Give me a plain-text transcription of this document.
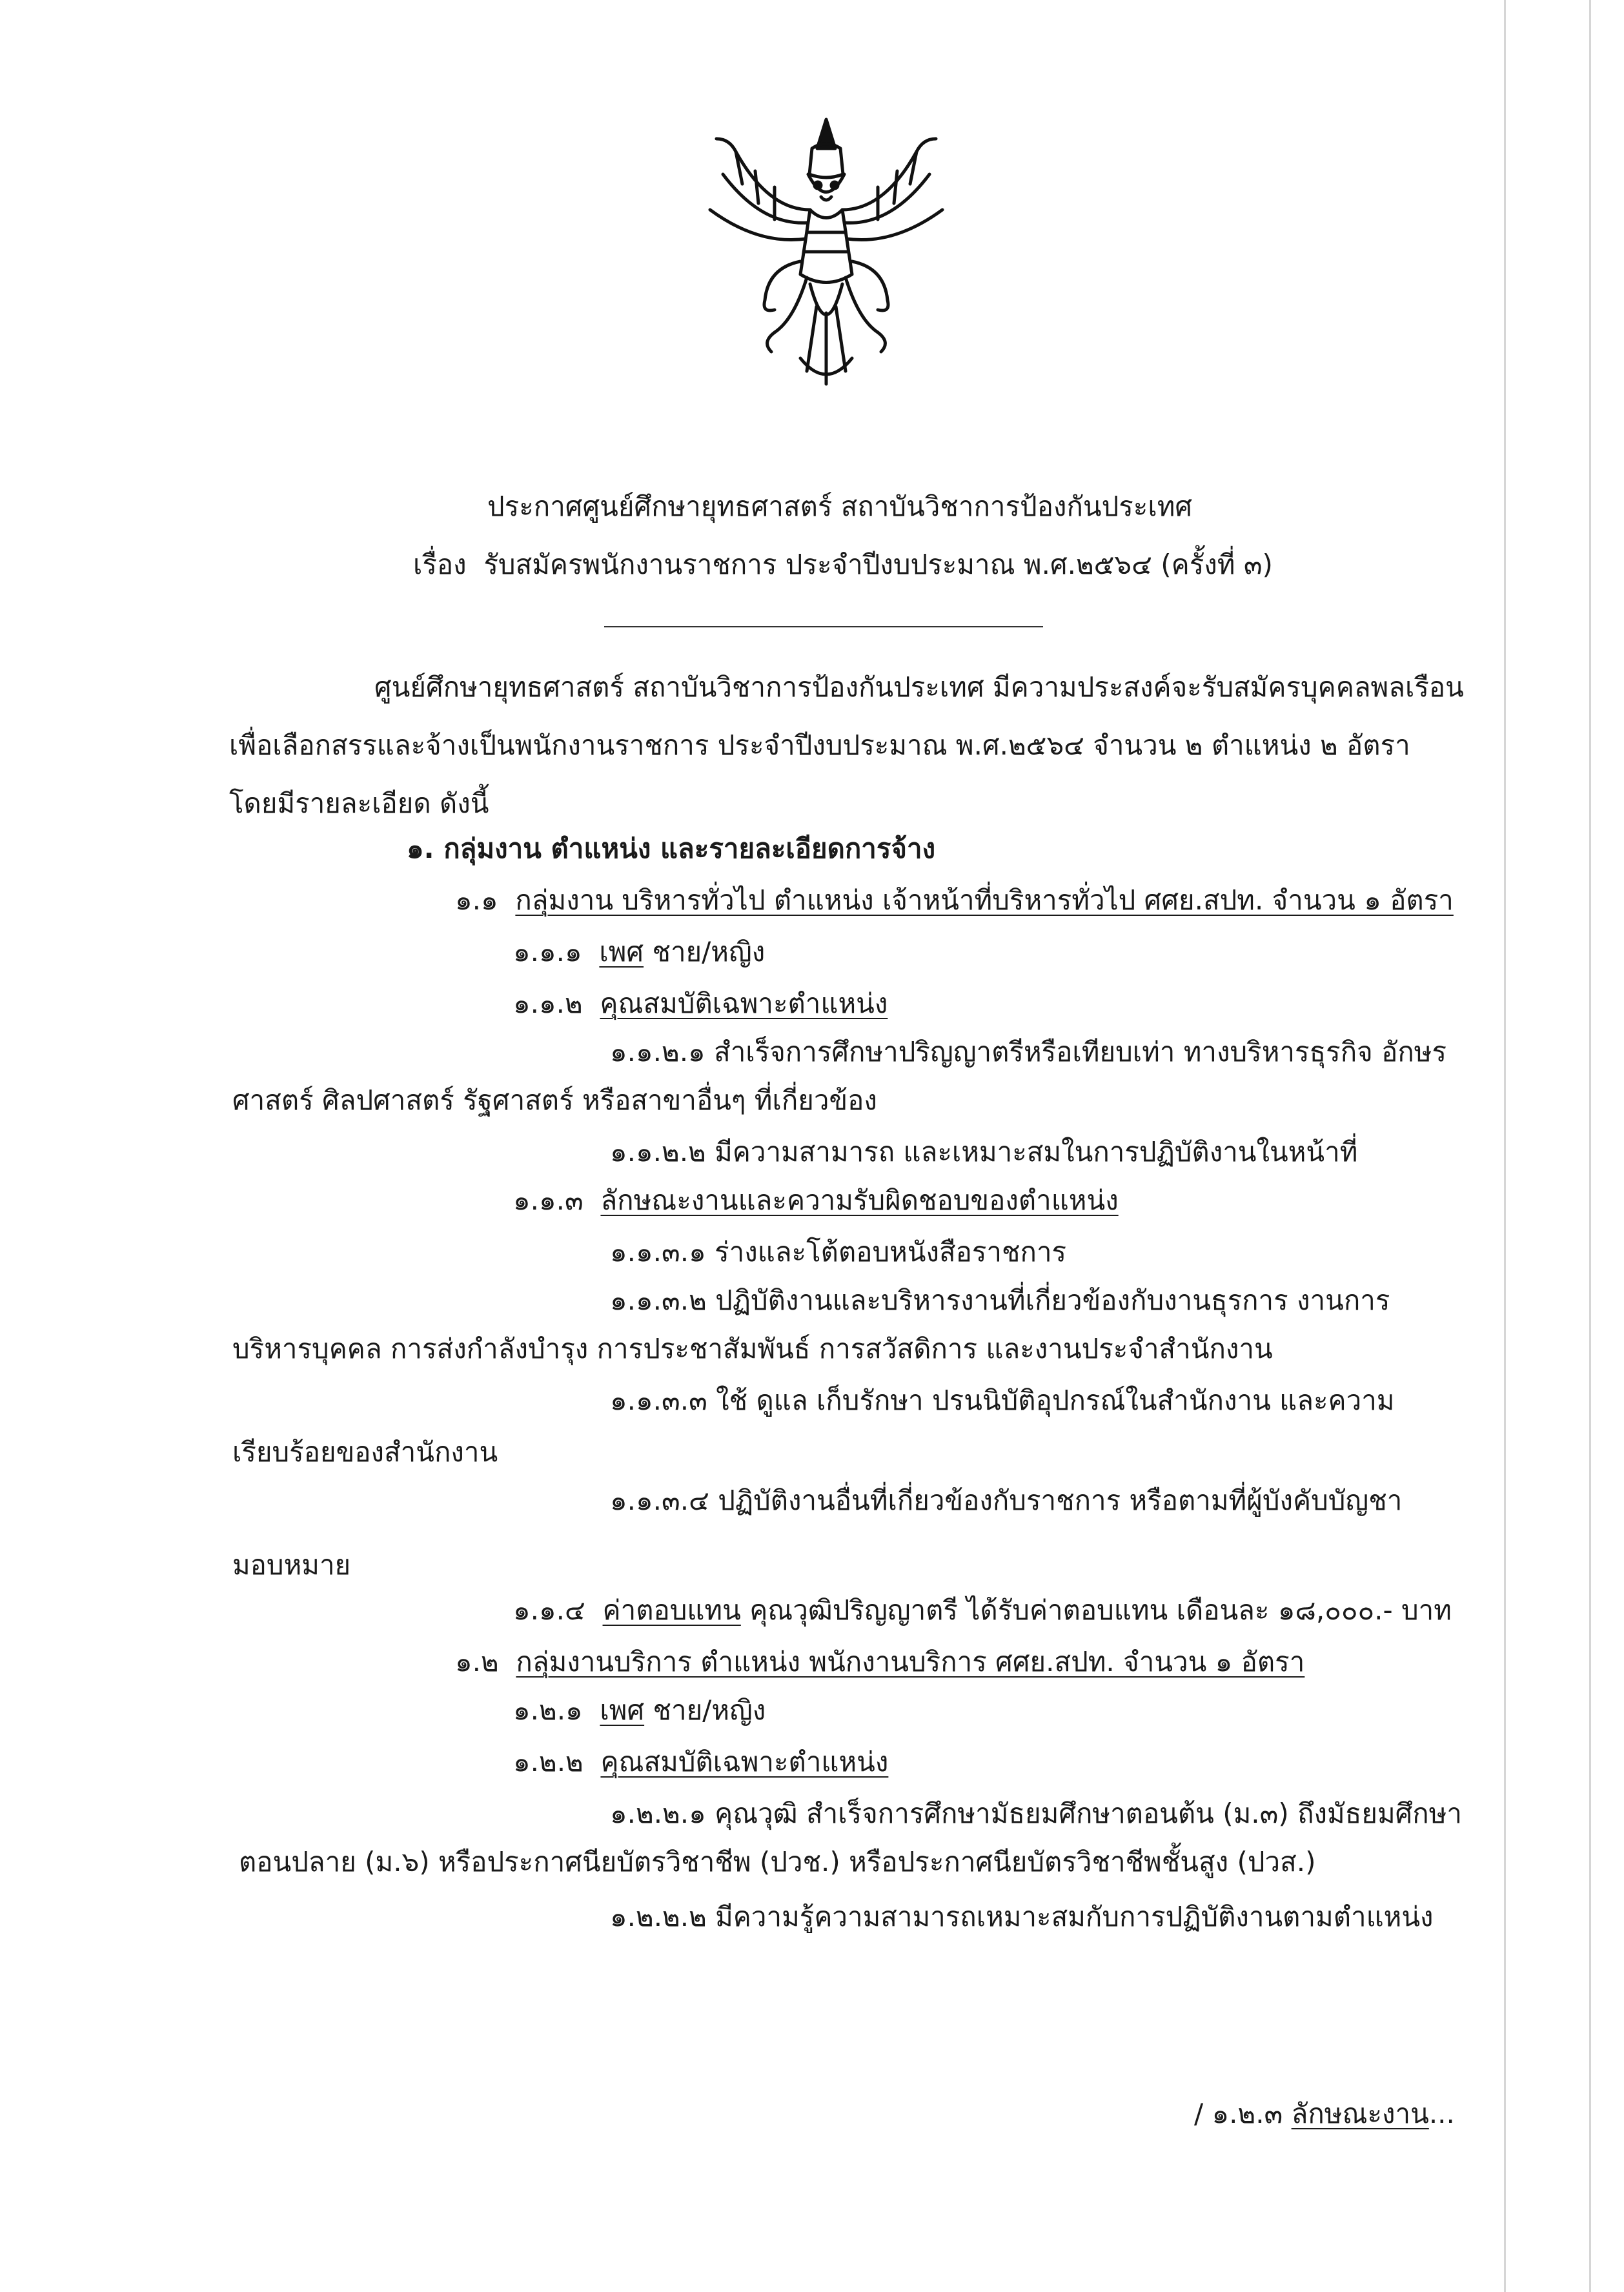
ประกาศศูนย์ศึกษายุทธศาสตร์ สถาบันวิชาการป้องกันประเทศ
เรื่อง รับสมัครพนักงานราชการ ประจำปีงบประมาณ พ.ศ.๒๕๖๔ (ครั้งที่ ๓)
ศูนย์ศึกษายุทธศาสตร์ สถาบันวิชาการป้องกันประเทศ มีความประสงค์จะรับสมัครบุคคลพลเรือน
เพื่อเลือกสรรและจ้างเป็นพนักงานราชการ ประจำปีงบประมาณ พ.ศ.๒๕๖๔ จำนวน ๒ ตำแหน่ง ๒ อัตรา
โดยมีรายละเอียด ดังนี้
๑. กลุ่มงาน ตำแหน่ง และรายละเอียดการจ้าง
๑.๑ กลุ่มงาน บริหารทั่วไป ตำแหน่ง เจ้าหน้าที่บริหารทั่วไป ศศย.สปท. จำนวน ๑ อัตรา
๑.๑.๑ เพศ ชาย/หญิง
๑.๑.๒ คุณสมบัติเฉพาะตำแหน่ง
๑.๑.๒.๑ สำเร็จการศึกษาปริญญาตรีหรือเทียบเท่า ทางบริหารธุรกิจ อักษร
ศาสตร์ ศิลปศาสตร์ รัฐศาสตร์ หรือสาขาอื่นๆ ที่เกี่ยวข้อง
๑.๑.๒.๒ มีความสามารถ และเหมาะสมในการปฏิบัติงานในหน้าที่
๑.๑.๓ ลักษณะงานและความรับผิดชอบของตำแหน่ง
๑.๑.๓.๑ ร่างและโต้ตอบหนังสือราชการ
๑.๑.๓.๒ ปฏิบัติงานและบริหารงานที่เกี่ยวข้องกับงานธุรการ งานการ
บริหารบุคคล การส่งกำลังบำรุง การประชาสัมพันธ์ การสวัสดิการ และงานประจำสำนักงาน
๑.๑.๓.๓ ใช้ ดูแล เก็บรักษา ปรนนิบัติอุปกรณ์ในสำนักงาน และความ
เรียบร้อยของสำนักงาน
๑.๑.๓.๔ ปฏิบัติงานอื่นที่เกี่ยวข้องกับราชการ หรือตามที่ผู้บังคับบัญชา
มอบหมาย
๑.๑.๔ ค่าตอบแทน คุณวุฒิปริญญาตรี ได้รับค่าตอบแทน เดือนละ ๑๘,๐๐๐.- บาท
๑.๒ กลุ่มงานบริการ ตำแหน่ง พนักงานบริการ ศศย.สปท. จำนวน ๑ อัตรา
๑.๒.๑ เพศ ชาย/หญิง
๑.๒.๒ คุณสมบัติเฉพาะตำแหน่ง
๑.๒.๒.๑ คุณวุฒิ สำเร็จการศึกษามัธยมศึกษาตอนต้น (ม.๓) ถึงมัธยมศึกษา
ตอนปลาย (ม.๖) หรือประกาศนียบัตรวิชาชีพ (ปวช.) หรือประกาศนียบัตรวิชาชีพชั้นสูง (ปวส.)
๑.๒.๒.๒ มีความรู้ความสามารถเหมาะสมกับการปฏิบัติงานตามตำแหน่ง
/ ๑.๒.๓ ลักษณะงาน...
